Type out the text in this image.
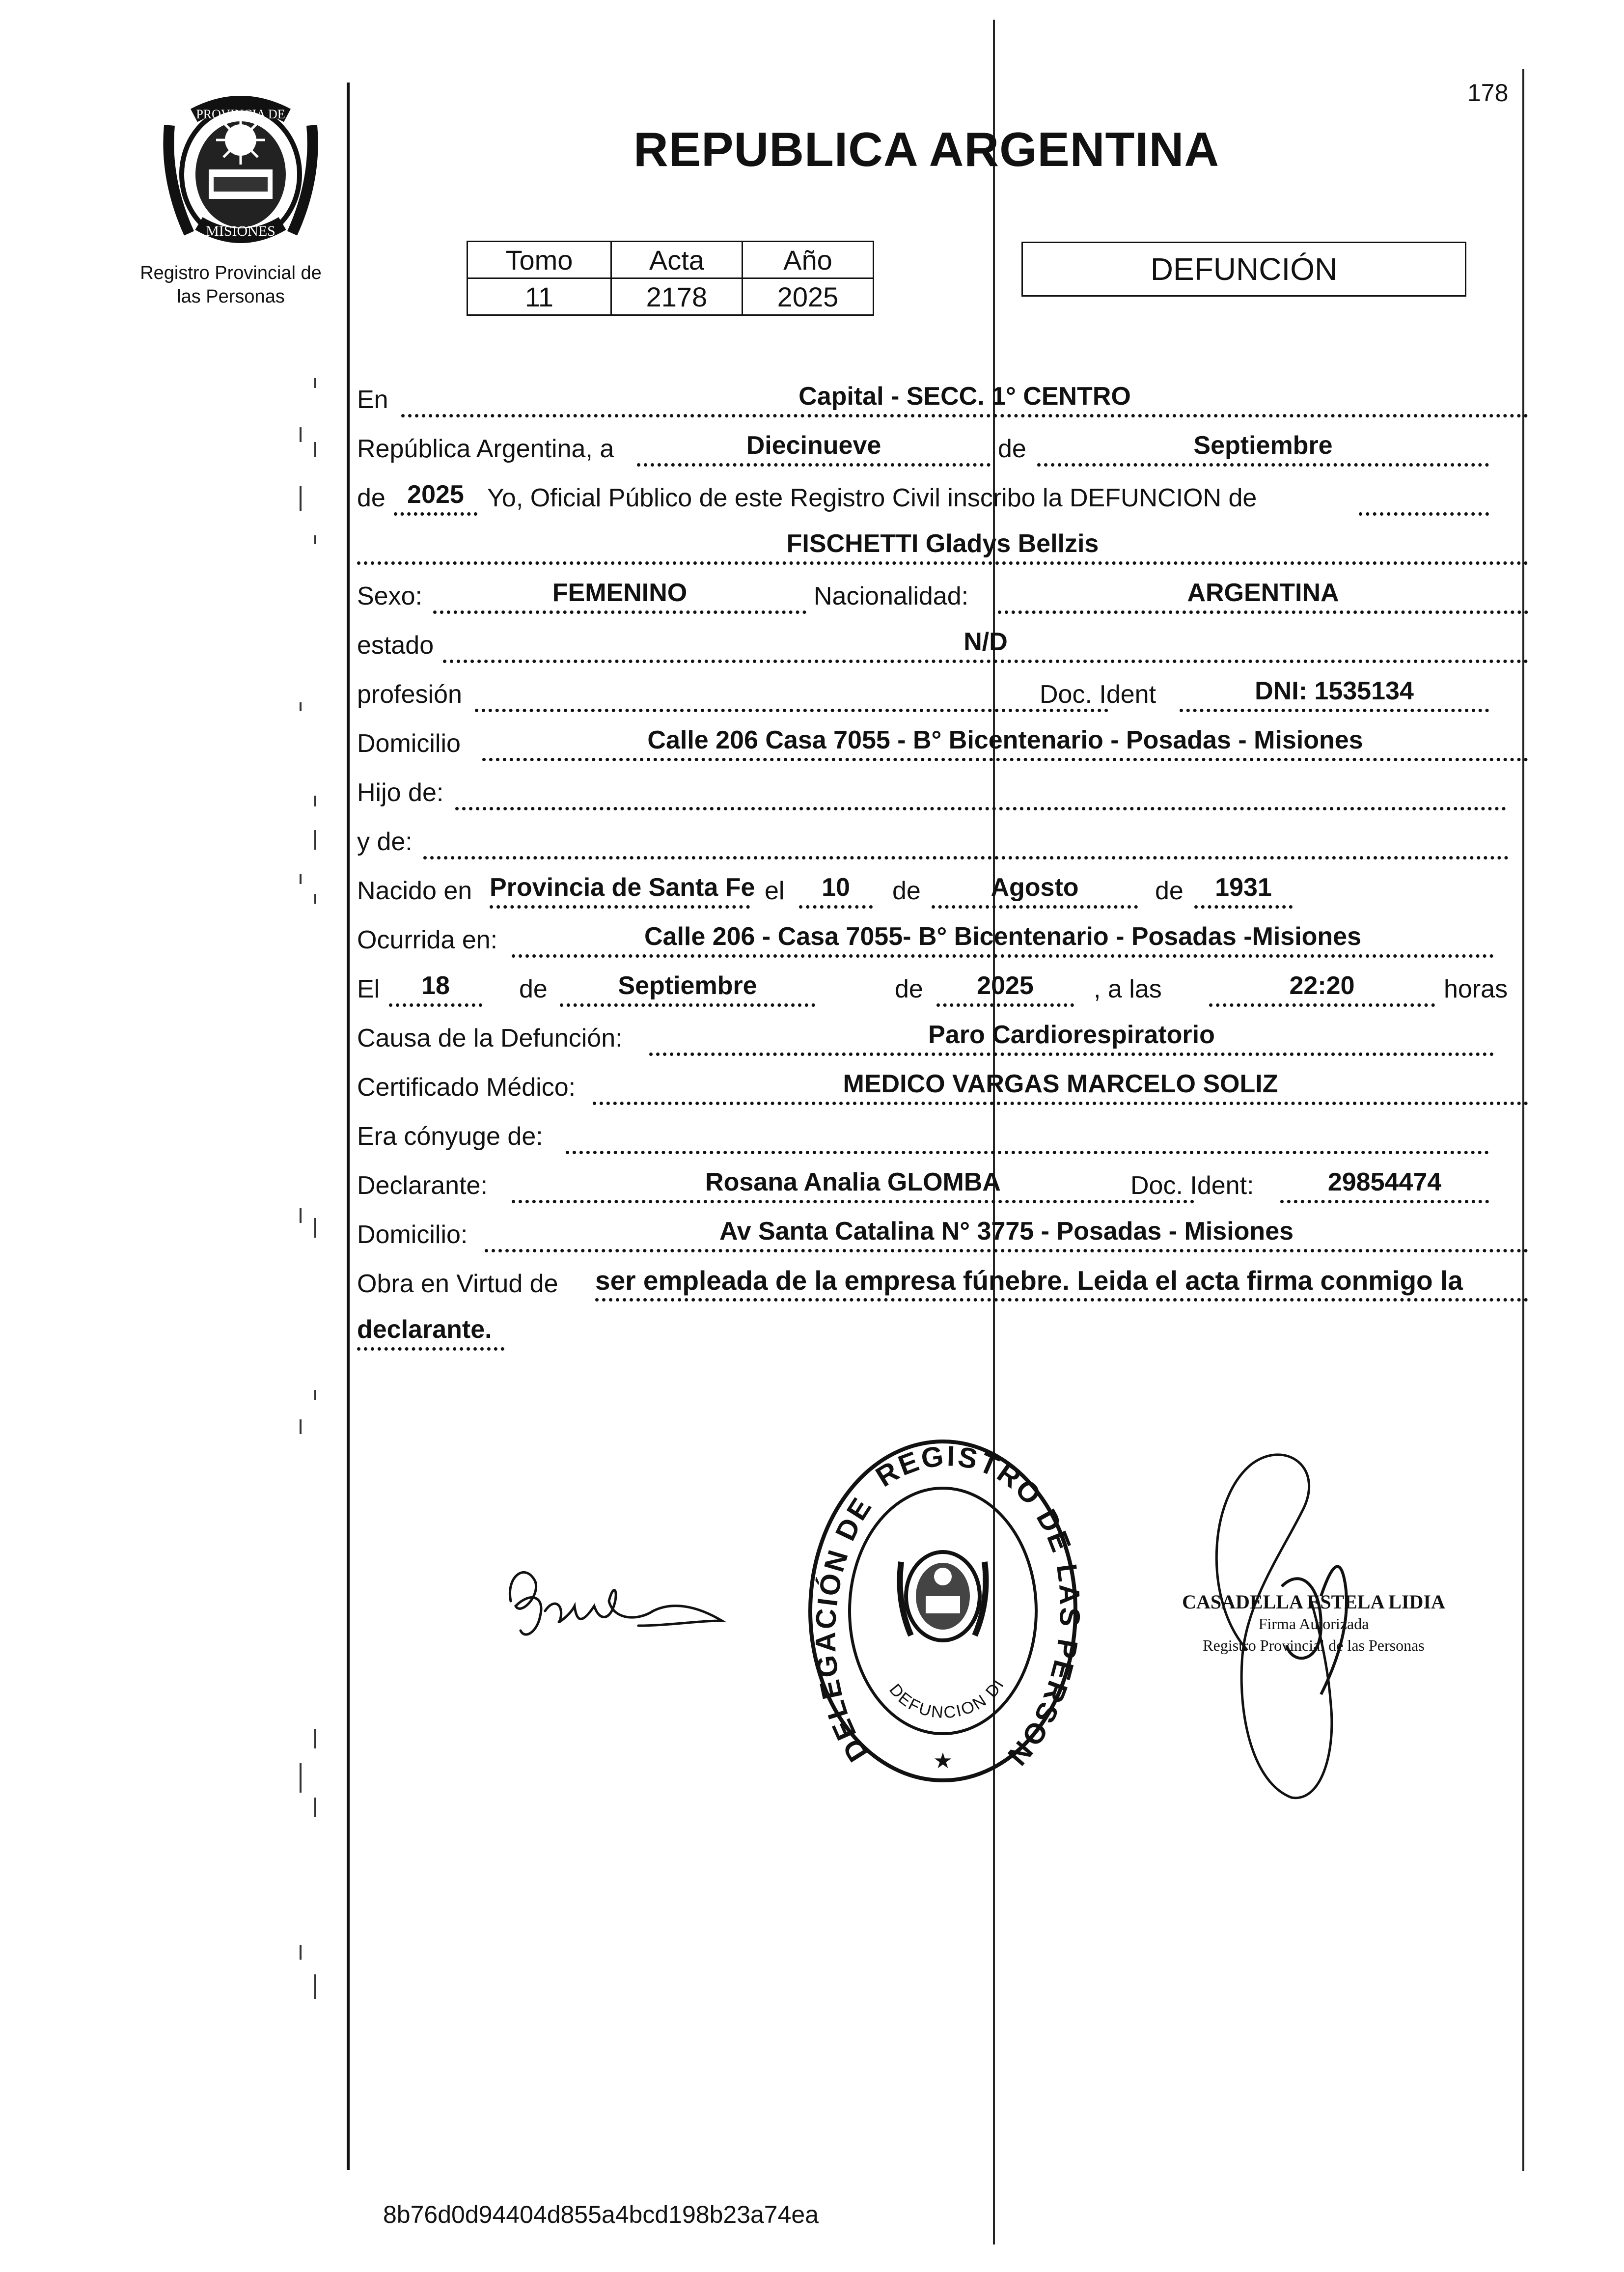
PROVINCIA DE
MISIONES
Registro Provincial de
las Personas
178
REPUBLICA ARGENTINA
Tomo	Acta	Año
11	2178	2025
DEFUNCIÓN
En	Capital - SECC. 1° CENTRO
República Argentina, a	Diecinueve	de	Septiembre
de 2025 Yo, Oficial Público de este Registro Civil inscribo la DEFUNCION de
FISCHETTI Gladys Bellzis
Sexo:	FEMENINO	Nacionalidad:	ARGENTINA
estado	N/D
profesión	Doc. Ident	DNI: 1535134
Domicilio	Calle 206 Casa 7055 - B° Bicentenario - Posadas - Misiones
Hijo de:
y de:
Nacido en Provincia de Santa Fe el	10	de	Agosto	de	1931
Ocurrida en:	Calle 206 - Casa 7055- B° Bicentenario - Posadas -Misiones
El	18	de	Septiembre	de	2025	, a las	22:20	horas
Causa de la Defunción:	Paro Cardiorespiratorio
Certificado Médico:	MEDICO VARGAS MARCELO SOLIZ
Era cónyuge de:
Declarante:	Rosana Analia GLOMBA	Doc. Ident:	29854474
Domicilio:	Av Santa Catalina N° 3775 - Posadas - Misiones
Obra en Virtud de ser empleada de la empresa fúnebre. Leida el acta firma conmigo la
declarante.
DELEGACIÓN DE
REGISTRO DE PERSON
DEFUNCION DI
★
CASADELLA ESTELA LIDIA
Firma Autorizada
Registro Provincial de las Personas
8b76d0d94404d855a4bcd198b23a74ea
